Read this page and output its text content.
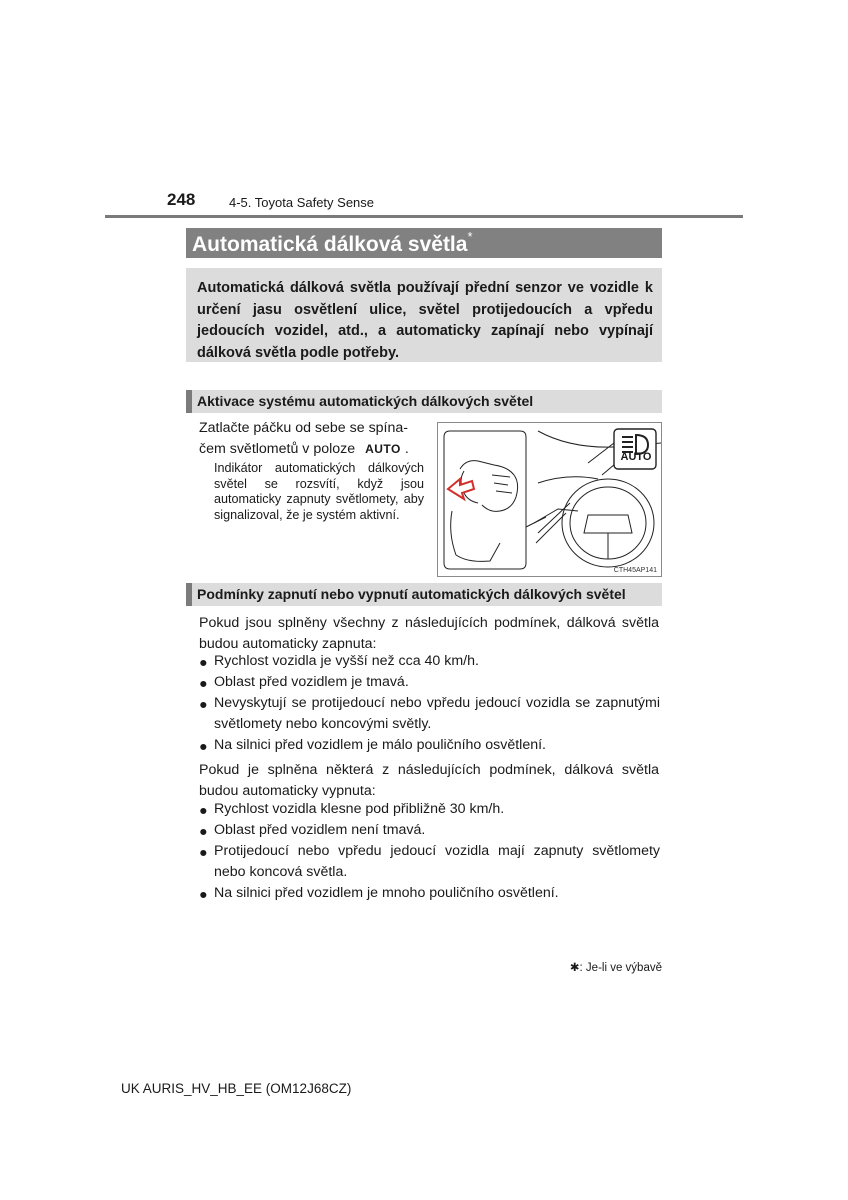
248	4-5. Toyota Safety Sense
Automatická dálková světla*

Automatická dálková světla používají přední senzor ve vozidle k určení jasu osvětlení ulice, světel protijedoucích a vpředu jedoucích vozidel, atd., a automaticky zapínají nebo vypínají dálková světla podle potřeby.

Aktivace systému automatických dálkových světel
Zatlačte páčku od sebe se spína-
čem světlometů v poloze AUTO .
Indikátor automatických dálkových světel se rozsvítí, když jsou automaticky zapnuty světlomety, aby signalizoval, že je systém aktivní.
AUTO
CTH45AP141
Podmínky zapnutí nebo vypnutí automatických dálkových světel
Pokud jsou splněny všechny z následujících podmínek, dálková světla budou automaticky zapnuta:
● Rychlost vozidla je vyšší než cca 40 km/h.
● Oblast před vozidlem je tmavá.
● Nevyskytují se protijedoucí nebo vpředu jedoucí vozidla se zapnutými světlomety nebo koncovými světly.
● Na silnici před vozidlem je málo pouličního osvětlení.
Pokud je splněna některá z následujících podmínek, dálková světla budou automaticky vypnuta:
● Rychlost vozidla klesne pod přibližně 30 km/h.
● Oblast před vozidlem není tmavá.
● Protijedoucí nebo vpředu jedoucí vozidla mají zapnuty světlomety nebo koncová světla.
● Na silnici před vozidlem je mnoho pouličního osvětlení.
✱: Je-li ve výbavě
UK AURIS_HV_HB_EE (OM12J68CZ)
